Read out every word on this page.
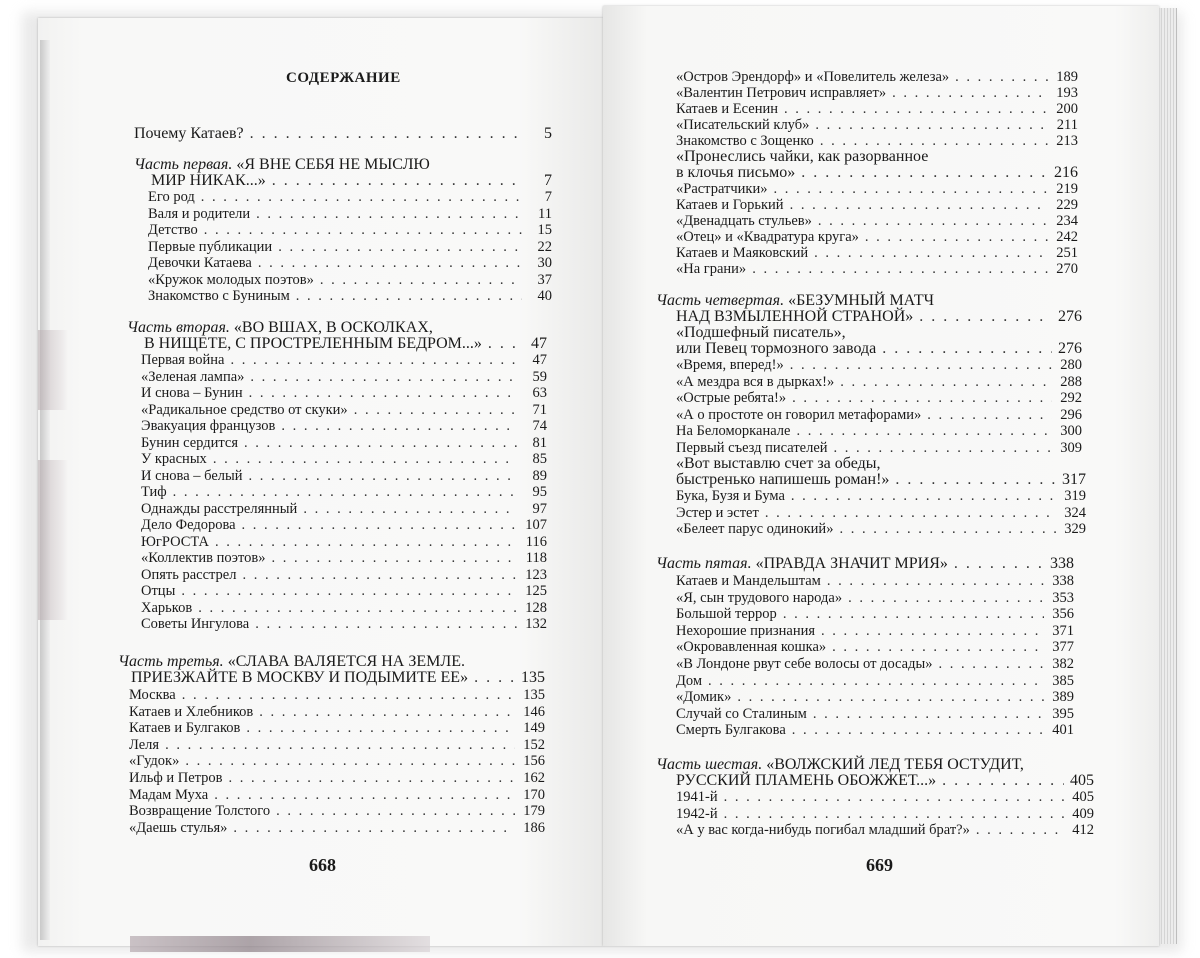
СОДЕРЖАНИЕ
Почему Катаев? . . .	5
Часть первая. «Я ВНЕ СЕБЯ НЕ МЫСЛЮ
МИР НИКАК...» . . .	7
Его род . . .	7
Валя и родители . . .	11
Детство . . .	15
Первые публикации . . .	22
Девочки Катаева . . .	30
«Кружок молодых поэтов» . . .	37
Знакомство с Буниным . . .	40
Часть вторая. «ВО ВШАХ, В ОСКОЛКАХ,
В НИЩЕТЕ, С ПРОСТРЕЛЕННЫМ БЕДРОМ...» . . .	47
Первая война . . .	47
«Зеленая лампа» . . .	59
И снова – Бунин . . .	63
«Радикальное средство от скуки» . . .	71
Эвакуация французов . . .	74
Бунин сердится . . .	81
У красных . . .	85
И снова – белый . . .	89
Тиф . . .	95
Однажды расстрелянный . . .	97
Дело Федорова . . .	107
ЮгРОСТА . . .	116
«Коллектив поэтов» . . .	118
Опять расстрел . . .	123
Отцы . . .	125
Харьков . . .	128
Советы Ингулова . . .	132
Часть третья. «СЛАВА ВАЛЯЕТСЯ НА ЗЕМЛЕ.
ПРИЕЗЖАЙТЕ В МОСКВУ И ПОДЫМИТЕ ЕЕ» . . .	135
Москва . . .	135
Катаев и Хлебников . . .	146
Катаев и Булгаков . . .	149
Леля . . .	152
«Гудок» . . .	156
Ильф и Петров . . .	162
Мадам Муха . . .	170
Возвращение Толстого . . .	179
«Даешь стулья» . . .	186
668
«Остров Эрендорф» и «Повелитель железа» . . .	189
«Валентин Петрович исправляет» . . .	193
Катаев и Есенин . . .	200
«Писательский клуб» . . .	211
Знакомство с Зощенко . . .	213
«Пронеслись чайки, как разорванное
в клочья письмо» . . .	216
«Растратчики» . . .	219
Катаев и Горький . . .	229
«Двенадцать стульев» . . .	234
«Отец» и «Квадратура круга» . . .	242
Катаев и Маяковский . . .	251
«На грани» . . .	270
Часть четвертая. «БЕЗУМНЫЙ МАТЧ
НАД ВЗМЫЛЕННОЙ СТРАНОЙ» . . .	276
«Подшефный писатель»,
или Певец тормозного завода . . .	276
«Время, вперед!» . . .	280
«А мездра вся в дырках!» . . .	288
«Острые ребята!» . . .	292
«А о простоте он говорил метафорами» . . .	296
На Беломорканале . . .	300
Первый съезд писателей . . .	309
«Вот выставлю счет за обеды,
быстренько напишешь роман!» . . .	317
Бука, Бузя и Бума . . .	319
Эстер и эстет . . .	324
«Белеет парус одинокий» . . .	329
Часть пятая. «ПРАВДА ЗНАЧИТ МРИЯ» . . .	338
Катаев и Мандельштам . . .	338
«Я, сын трудового народа» . . .	353
Большой террор . . .	356
Нехорошие признания . . .	371
«Окровавленная кошка» . . .	377
«В Лондоне рвут себе волосы от досады» . . .	382
Дом . . .	385
«Домик» . . .	389
Случай со Сталиным . . .	395
Смерть Булгакова . . .	401
Часть шестая. «ВОЛЖСКИЙ ЛЕД ТЕБЯ ОСТУДИТ,
РУССКИЙ ПЛАМЕНЬ ОБОЖЖЕТ...» . . .	405
1941-й . . .	405
1942-й . . .	409
«А у вас когда-нибудь погибал младший брат?» . . .	412
669
